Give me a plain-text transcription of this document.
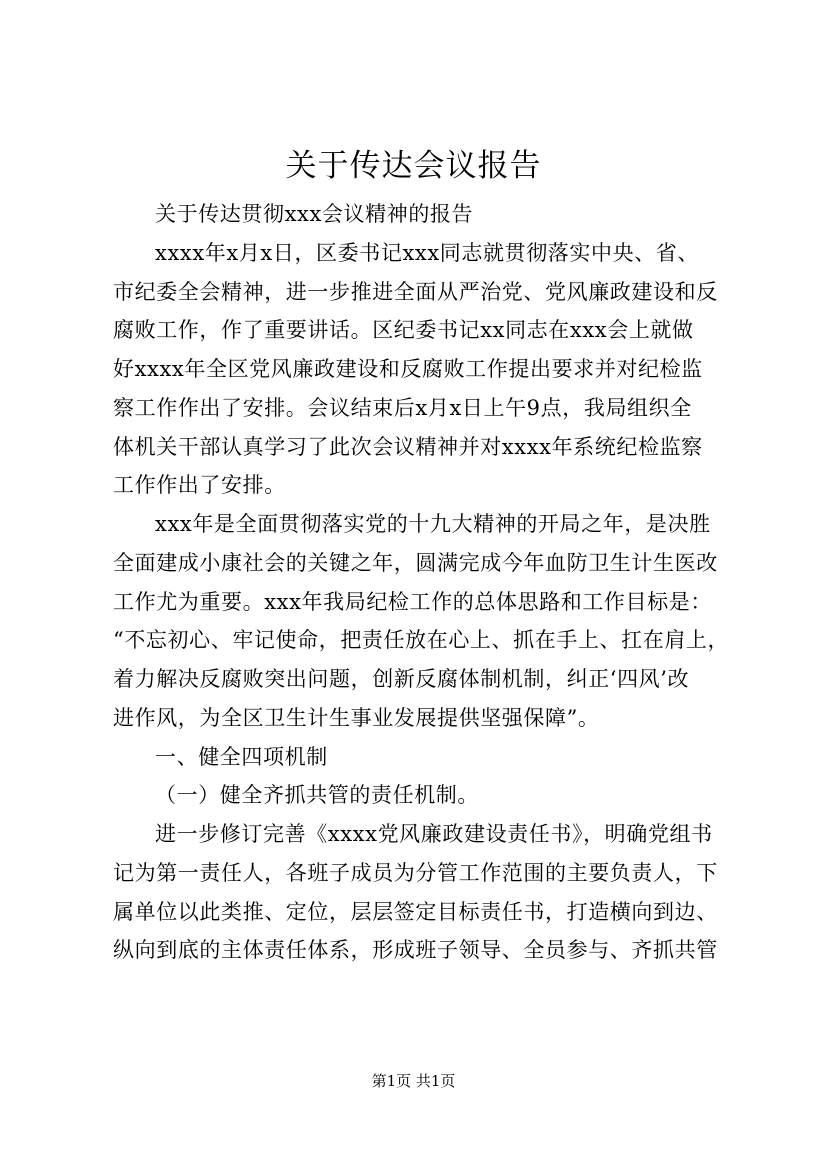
关于传达会议报告
关于传达贯彻xxx会议精神的报告
xxxx年x月x日，区委书记xxx同志就贯彻落实中央、省、
市纪委全会精神，进一步推进全面从严治党、党风廉政建设和反
腐败工作，作了重要讲话。区纪委书记xx同志在xxx会上就做
好xxxx年全区党风廉政建设和反腐败工作提出要求并对纪检监
察工作作出了安排。会议结束后x月x日上午9点，我局组织全
体机关干部认真学习了此次会议精神并对xxxx年系统纪检监察
工作作出了安排。
xxx年是全面贯彻落实党的十九大精神的开局之年，是决胜
全面建成小康社会的关键之年，圆满完成今年血防卫生计生医改
工作尤为重要。xxx年我局纪检工作的总体思路和工作目标是：
“不忘初心、牢记使命，把责任放在心上、抓在手上、扛在肩上，
着力解决反腐败突出问题，创新反腐体制机制，纠正‘四风’改
进作风，为全区卫生计生事业发展提供坚强保障”。
一、健全四项机制
（一）健全齐抓共管的责任机制。
进一步修订完善《xxxx党风廉政建设责任书》，明确党组书
记为第一责任人，各班子成员为分管工作范围的主要负责人，下
属单位以此类推、定位，层层签定目标责任书，打造横向到边、
纵向到底的主体责任体系，形成班子领导、全员参与、齐抓共管
第1页 共1页
